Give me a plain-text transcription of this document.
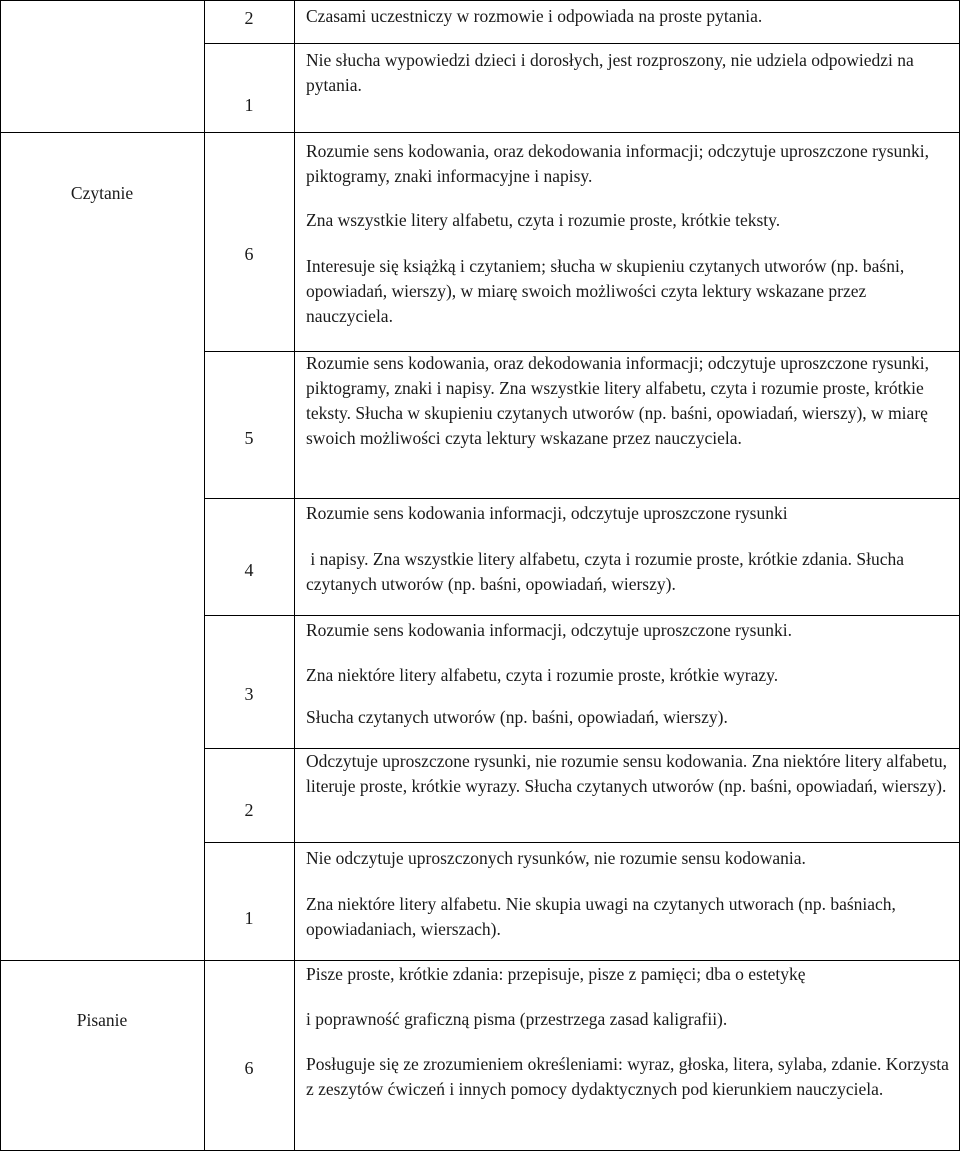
Czytanie
Pisanie
2
1
6
5
4
3
2
1
6

Czasami uczestniczy w rozmowie i odpowiada na proste pytania.

Nie słucha wypowiedzi dzieci i dorosłych, jest rozproszony, nie udziela odpowiedzi na pytania.

Rozumie sens kodowania, oraz dekodowania informacji; odczytuje uproszczone rysunki, piktogramy, znaki informacyjne i napisy.

Zna wszystkie litery alfabetu, czyta i rozumie proste, krótkie teksty.

Interesuje się książką i czytaniem; słucha w skupieniu czytanych utworów (np. baśni, opowiadań, wierszy), w miarę swoich możliwości czyta lektury wskazane przez nauczyciela.

Rozumie sens kodowania, oraz dekodowania informacji; odczytuje uproszczone rysunki, piktogramy, znaki i napisy. Zna wszystkie litery alfabetu, czyta i rozumie proste, krótkie teksty. Słucha w skupieniu czytanych utworów (np. baśni, opowiadań, wierszy), w miarę swoich możliwości czyta lektury wskazane przez nauczyciela.

Rozumie sens kodowania informacji, odczytuje uproszczone rysunki

i napisy. Zna wszystkie litery alfabetu, czyta i rozumie proste, krótkie zdania. Słucha czytanych utworów (np. baśni, opowiadań, wierszy).

Rozumie sens kodowania informacji, odczytuje uproszczone rysunki.

Zna niektóre litery alfabetu, czyta i rozumie proste, krótkie wyrazy.

Słucha czytanych utworów (np. baśni, opowiadań, wierszy).

Odczytuje uproszczone rysunki, nie rozumie sensu kodowania. Zna niektóre litery alfabetu, literuje proste, krótkie wyrazy. Słucha czytanych utworów (np. baśni, opowiadań, wierszy).

Nie odczytuje uproszczonych rysunków, nie rozumie sensu kodowania.

Zna niektóre litery alfabetu. Nie skupia uwagi na czytanych utworach (np. baśniach, opowiadaniach, wierszach).

Pisze proste, krótkie zdania: przepisuje, pisze z pamięci; dba o estetykę

i poprawność graficzną pisma (przestrzega zasad kaligrafii).

Posługuje się ze zrozumieniem określeniami: wyraz, głoska, litera, sylaba, zdanie. Korzysta z zeszytów ćwiczeń i innych pomocy dydaktycznych pod kierunkiem nauczyciela.
